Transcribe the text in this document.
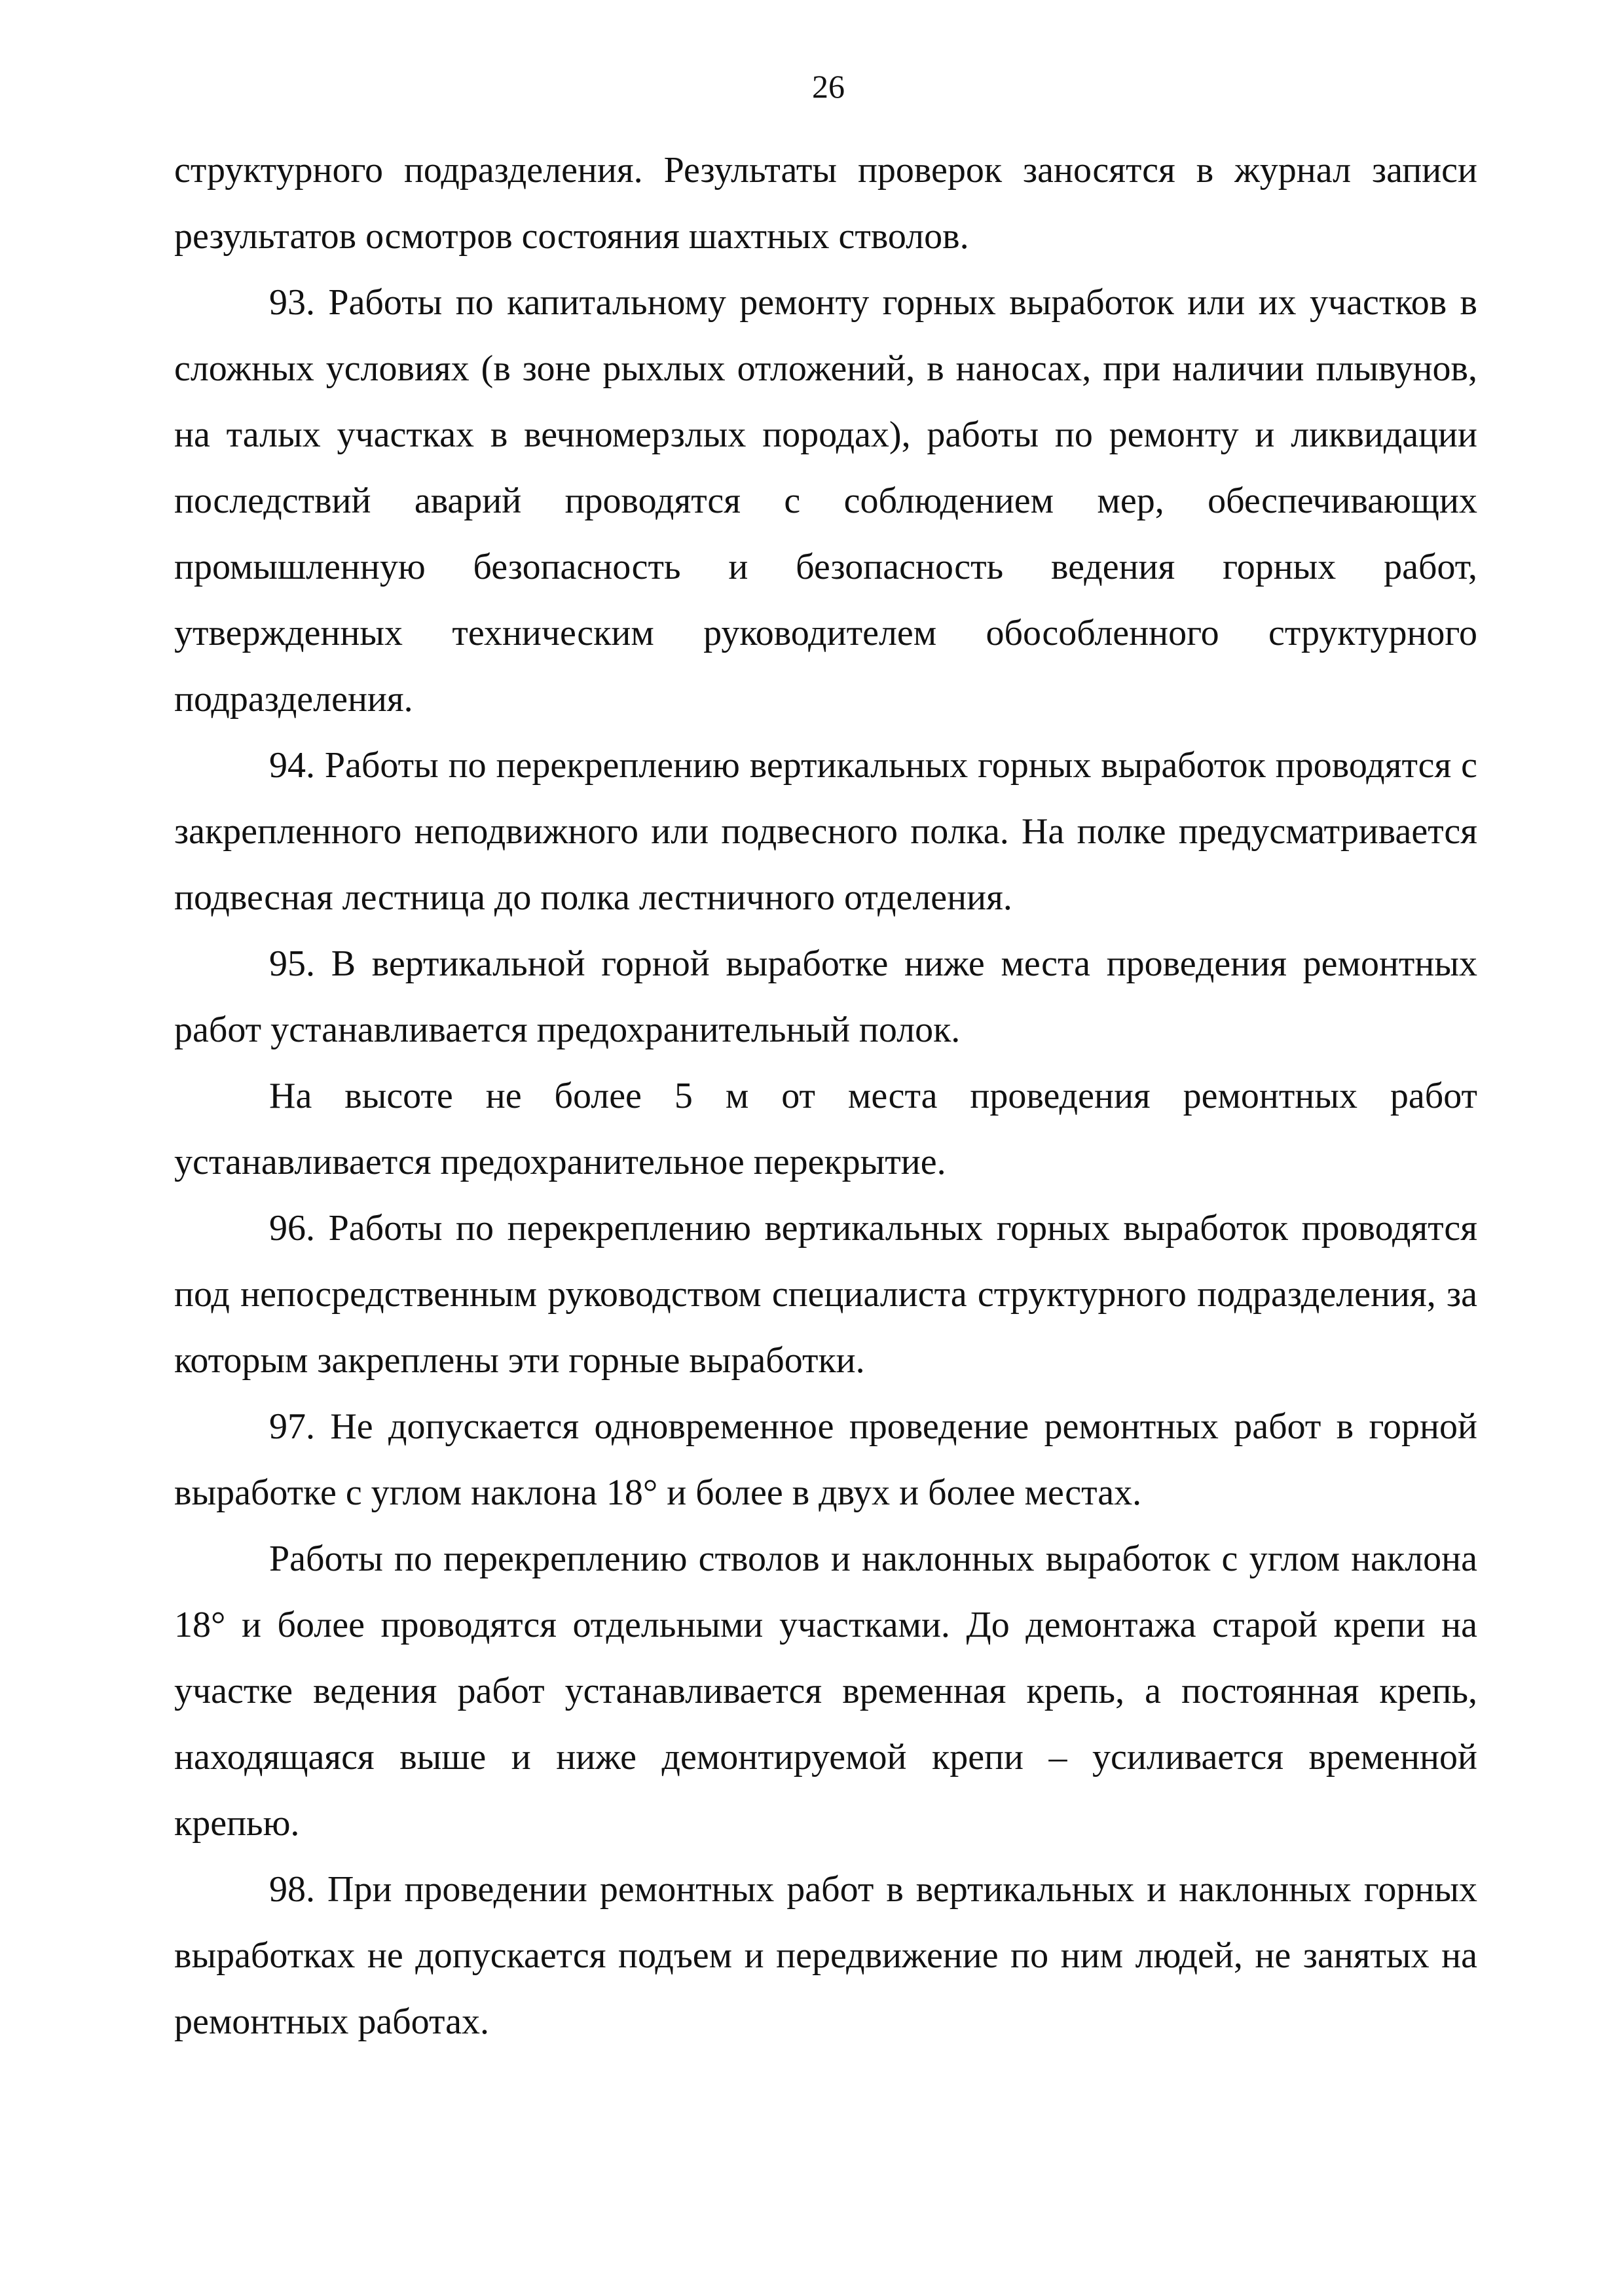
26

структурного подразделения. Результаты проверок заносятся в журнал записи результатов осмотров состояния шахтных стволов.

93. Работы по капитальному ремонту горных выработок или их участков в сложных условиях (в зоне рыхлых отложений, в наносах, при наличии плывунов, на талых участках в вечномерзлых породах), работы по ремонту и ликвидации последствий аварий проводятся с соблюдением мер, обеспечивающих промышленную безопасность и безопасность ведения горных работ, утвержденных техническим руководителем обособленного структурного подразделения.

94. Работы по перекреплению вертикальных горных выработок проводятся с закрепленного неподвижного или подвесного полка. На полке предусматривается подвесная лестница до полка лестничного отделения.

95. В вертикальной горной выработке ниже места проведения ремонтных работ устанавливается предохранительный полок.

На высоте не более 5 м от места проведения ремонтных работ устанавливается предохранительное перекрытие.

96. Работы по перекреплению вертикальных горных выработок проводятся под непосредственным руководством специалиста структурного подразделения, за которым закреплены эти горные выработки.

97. Не допускается одновременное проведение ремонтных работ в горной выработке с углом наклона 18° и более в двух и более местах.

Работы по перекреплению стволов и наклонных выработок с углом наклона 18° и более проводятся отдельными участками. До демонтажа старой крепи на участке ведения работ устанавливается временная крепь, а постоянная крепь, находящаяся выше и ниже демонтируемой крепи – усиливается временной крепью.

98. При проведении ремонтных работ в вертикальных и наклонных горных выработках не допускается подъем и передвижение по ним людей, не занятых на ремонтных работах.
